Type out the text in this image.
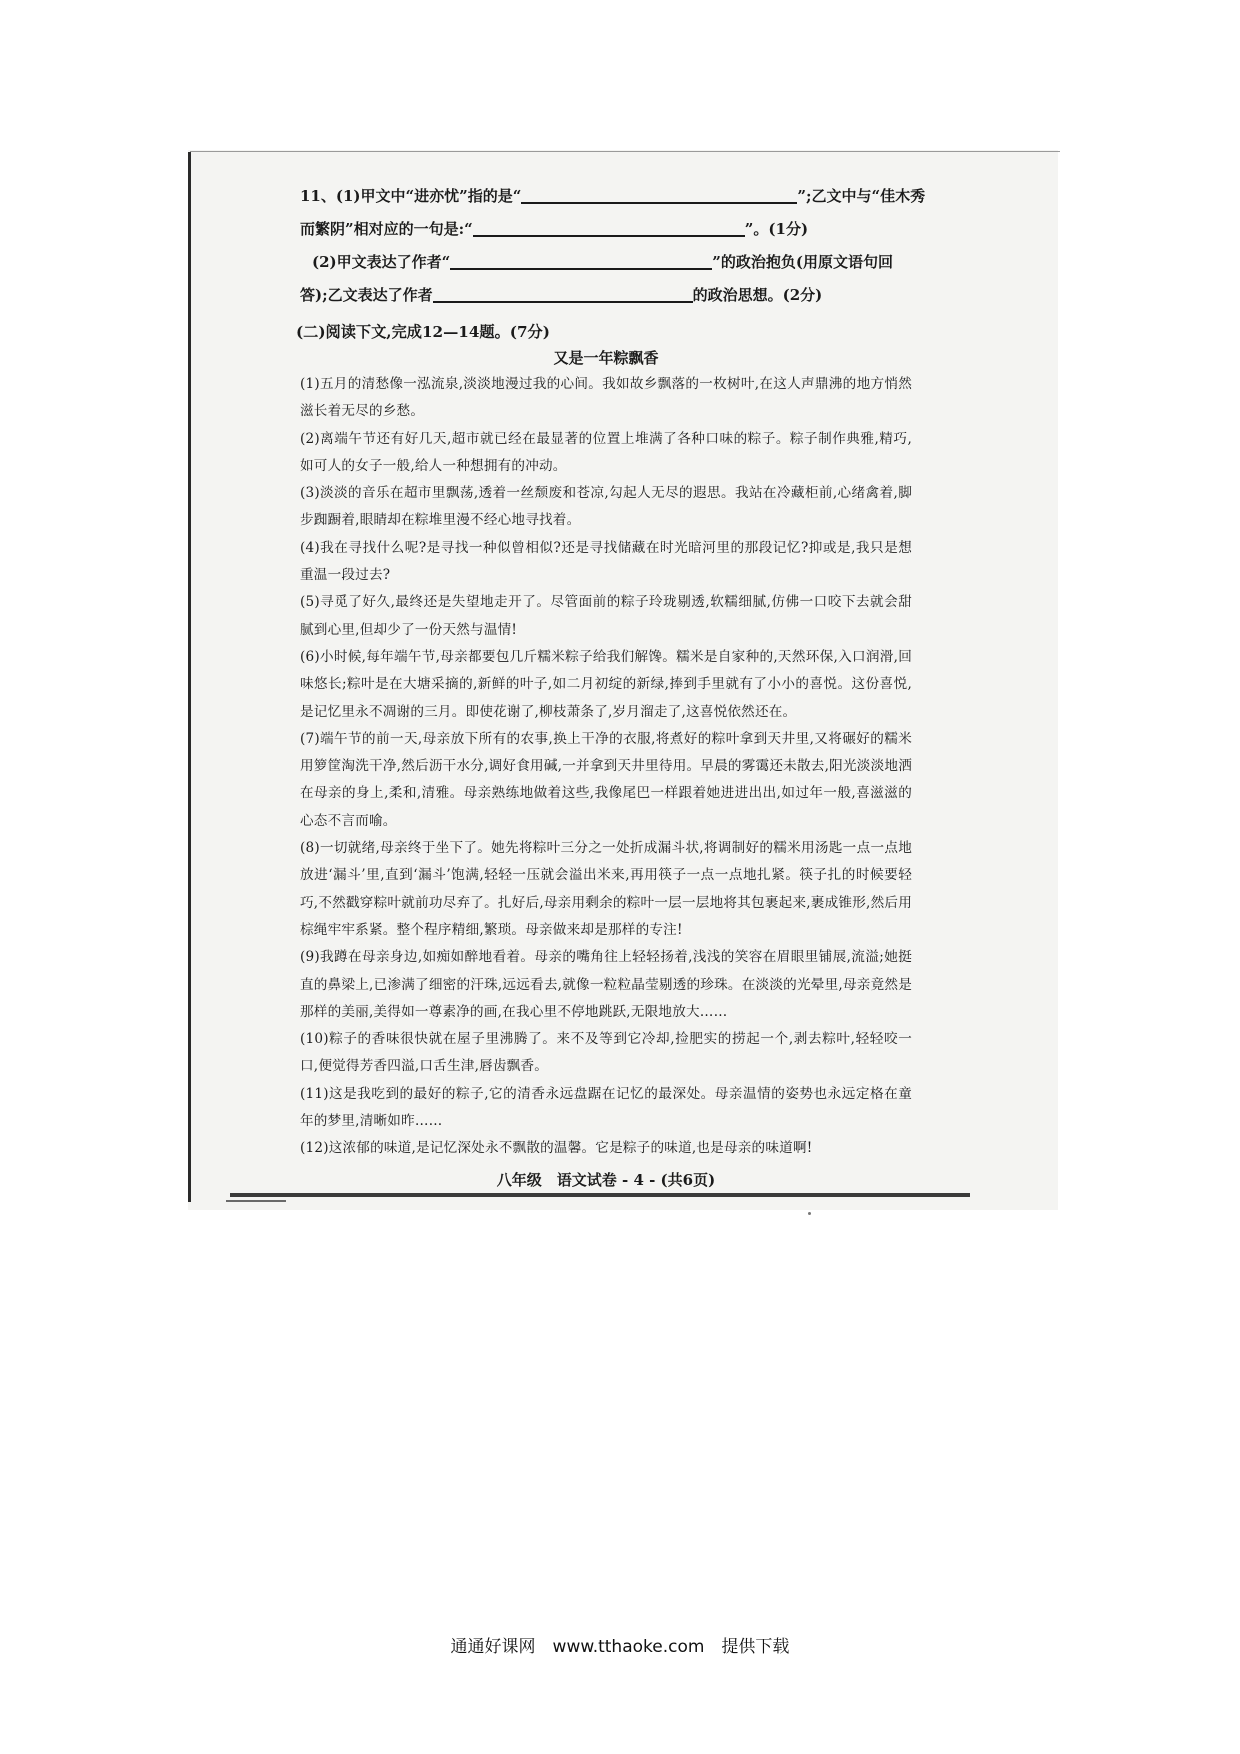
11、(1)甲文中“进亦忧”指的是“	”;乙文中与“佳木秀
而繁阴”相对应的一句是:“	”。(1分)
(2)甲文表达了作者“	”的政治抱负(用原文语句回
答);乙文表达了作者	的政治思想。(2分)
(二)阅读下文,完成12—14题。(7分)
又是一年粽飘香

(1)五月的清愁像一泓流泉,淡淡地漫过我的心间。我如故乡飘落的一枚树叶,在这人声鼎沸的地方悄然滋长着无尽的乡愁。

(2)离端午节还有好几天,超市就已经在最显著的位置上堆满了各种口味的粽子。粽子制作典雅,精巧,如可人的女子一般,给人一种想拥有的冲动。

(3)淡淡的音乐在超市里飘荡,透着一丝颓废和苍凉,勾起人无尽的遐思。我站在冷藏柜前,心绪禽着,脚步踟蹰着,眼睛却在粽堆里漫不经心地寻找着。

(4)我在寻找什么呢?是寻找一种似曾相似?还是寻找储藏在时光暗河里的那段记忆?抑或是,我只是想重温一段过去?

(5)寻觅了好久,最终还是失望地走开了。尽管面前的粽子玲珑剔透,软糯细腻,仿佛一口咬下去就会甜腻到心里,但却少了一份天然与温情!

(6)小时候,每年端午节,母亲都要包几斤糯米粽子给我们解馋。糯米是自家种的,天然环保,入口润滑,回味悠长;粽叶是在大塘采摘的,新鲜的叶子,如二月初绽的新绿,捧到手里就有了小小的喜悦。这份喜悦,是记忆里永不凋谢的三月。即使花谢了,柳枝萧条了,岁月溜走了,这喜悦依然还在。

(7)端午节的前一天,母亲放下所有的农事,换上干净的衣服,将煮好的粽叶拿到天井里,又将碾好的糯米用箩筐淘洗干净,然后沥干水分,调好食用碱,一并拿到天井里待用。早晨的雾霭还未散去,阳光淡淡地洒在母亲的身上,柔和,清雅。母亲熟练地做着这些,我像尾巴一样跟着她进进出出,如过年一般,喜滋滋的心态不言而喻。

(8)一切就绪,母亲终于坐下了。她先将粽叶三分之一处折成漏斗状,将调制好的糯米用汤匙一点一点地放进‘漏斗’里,直到‘漏斗’饱满,轻轻一压就会溢出米来,再用筷子一点一点地扎紧。筷子扎的时候要轻巧,不然戳穿粽叶就前功尽弃了。扎好后,母亲用剩余的粽叶一层一层地将其包裹起来,裹成锥形,然后用棕绳牢牢系紧。整个程序精细,繁琐。母亲做来却是那样的专注!

(9)我蹲在母亲身边,如痴如醉地看着。母亲的嘴角往上轻轻扬着,浅浅的笑容在眉眼里铺展,流溢;她挺直的鼻梁上,已渗满了细密的汗珠,远远看去,就像一粒粒晶莹剔透的珍珠。在淡淡的光晕里,母亲竟然是那样的美丽,美得如一尊素净的画,在我心里不停地跳跃,无限地放大……

(10)粽子的香味很快就在屋子里沸腾了。来不及等到它冷却,捡肥实的捞起一个,剥去粽叶,轻轻咬一口,便觉得芳香四溢,口舌生津,唇齿飘香。

(11)这是我吃到的最好的粽子,它的清香永远盘踞在记忆的最深处。母亲温情的姿势也永远定格在童年的梦里,清晰如昨……

(12)这浓郁的味道,是记忆深处永不飘散的温馨。它是粽子的味道,也是母亲的味道啊!

八年级　语文试卷 - 4 - (共6页)
通通好课网　www.tthaoke.com　提供下载
